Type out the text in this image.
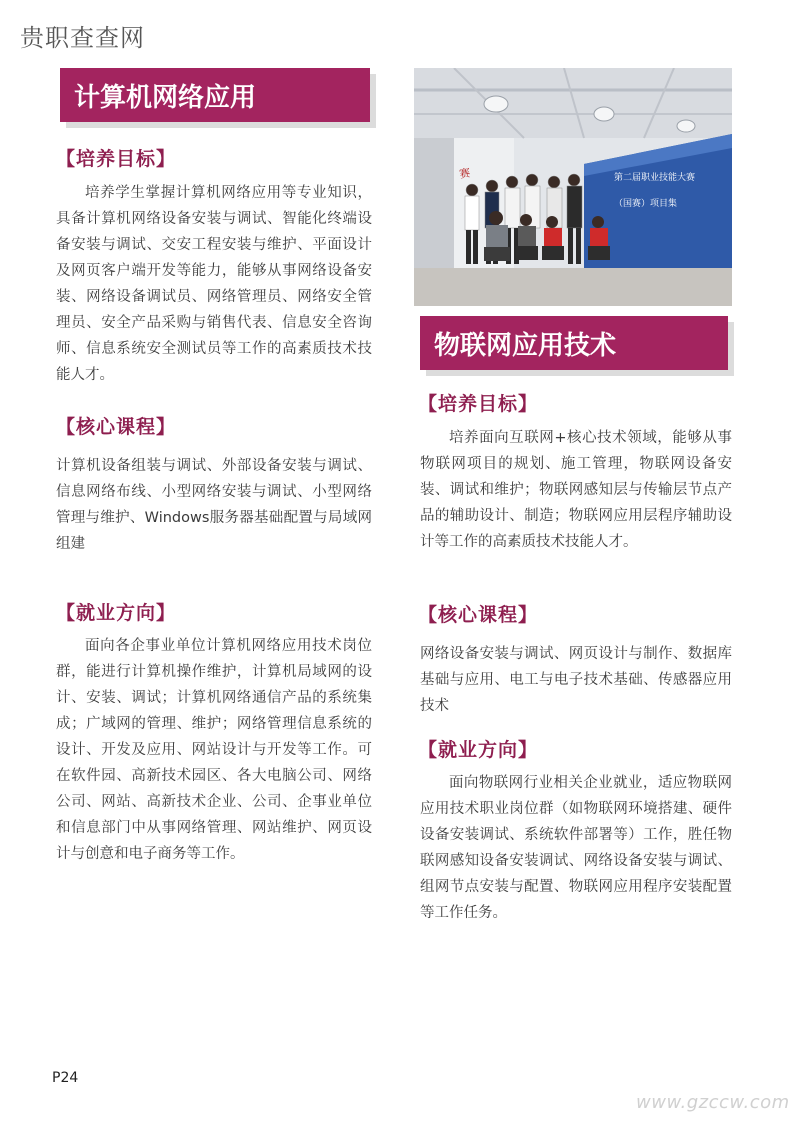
贵职查查网
计算机网络应用
【培养目标】

培养学生掌握计算机网络应用等专业知识，具备计算机网络设备安装与调试、智能化终端设备安装与调试、交安工程安装与维护、平面设计及网页客户端开发等能力，能够从事网络设备安装、网络设备调试员、网络管理员、网络安全管理员、安全产品采购与销售代表、信息安全咨询师、信息系统安全测试员等工作的高素质技术技能人才。

【核心课程】

计算机设备组装与调试、外部设备安装与调试、信息网络布线、小型网络安装与调试、小型网络管理与维护、Windows服务器基础配置与局域网组建

【就业方向】

面向各企事业单位计算机网络应用技术岗位群，能进行计算机操作维护，计算机局域网的设计、安装、调试；计算机网络通信产品的系统集成；广域网的管理、维护；网络管理信息系统的设计、开发及应用、网站设计与开发等工作。可在软件园、高新技术园区、各大电脑公司、网络公司、网站、高新技术企业、公司、企事业单位和信息部门中从事网络管理、网站维护、网页设计与创意和电子商务等工作。

赛	第二届职业技能大赛
（国赛）项目集
物联网应用技术
【培养目标】

培养面向互联网+核心技术领域，能够从事物联网项目的规划、施工管理，物联网设备安装、调试和维护；物联网感知层与传输层节点产品的辅助设计、制造；物联网应用层程序辅助设计等工作的高素质技术技能人才。

【核心课程】

网络设备安装与调试、网页设计与制作、数据库基础与应用、电工与电子技术基础、传感器应用技术

【就业方向】

面向物联网行业相关企业就业，适应物联网应用技术职业岗位群（如物联网环境搭建、硬件设备安装调试、系统软件部署等）工作，胜任物联网感知设备安装调试、网络设备安装与调试、组网节点安装与配置、物联网应用程序安装配置等工作任务。

P24
www.gzccw.com
